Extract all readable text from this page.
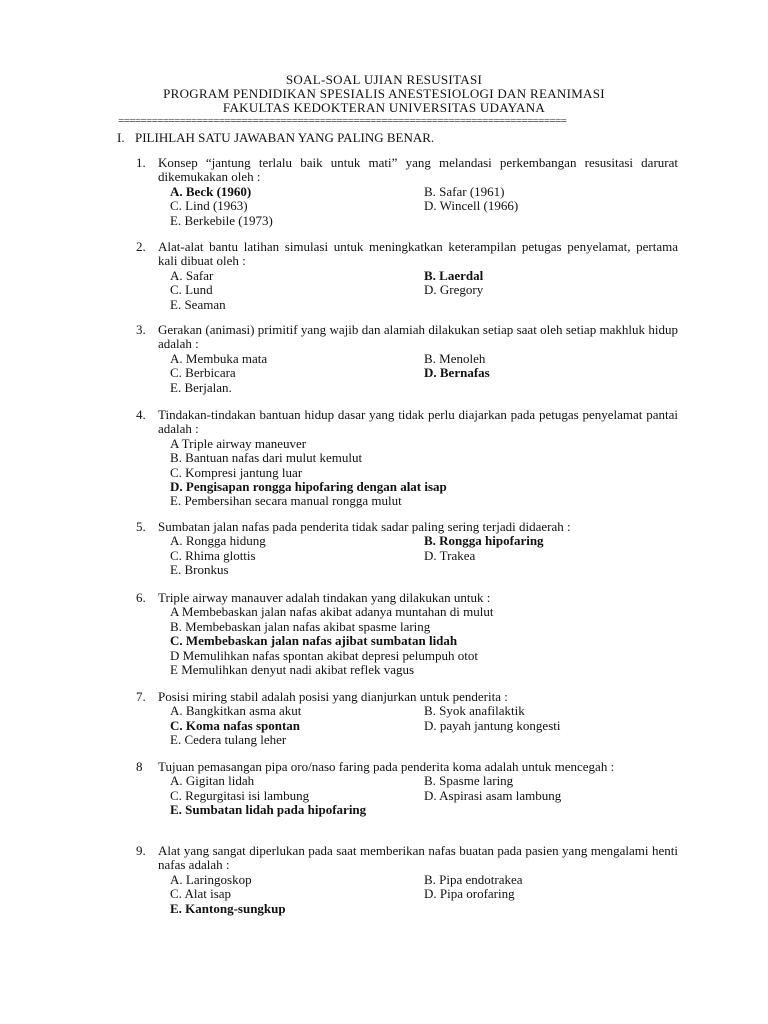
SOAL-SOAL UJIAN RESUSITASI
PROGRAM PENDIDIKAN SPESIALIS ANESTESIOLOGI DAN REANIMASI
FAKULTAS KEDOKTERAN UNIVERSITAS UDAYANA
================================================================================
I. PILIHLAH SATU JAWABAN YANG PALING BENAR.
1. Konsep “jantung terlalu baik untuk mati” yang melandasi perkembangan resusitasi darurat dikemukakan oleh :
A. Beck (1960)	B. Safar (1961)
C. Lind (1963)	D. Wincell (1966)
E. Berkebile (1973)
2. Alat-alat bantu latihan simulasi untuk meningkatkan keterampilan petugas penyelamat, pertama kali dibuat oleh :
A. Safar	B. Laerdal
C. Lund	D. Gregory
E. Seaman
3. Gerakan (animasi) primitif yang wajib dan alamiah dilakukan setiap saat oleh setiap makhluk hidup adalah :
A. Membuka mata	B. Menoleh
C. Berbicara	D. Bernafas
E. Berjalan.
4. Tindakan-tindakan bantuan hidup dasar yang tidak perlu diajarkan pada petugas penyelamat pantai adalah :
A Triple airway maneuver
B. Bantuan nafas dari mulut kemulut
C. Kompresi jantung luar
D. Pengisapan rongga hipofaring dengan alat isap
E. Pembersihan secara manual rongga mulut
5. Sumbatan jalan nafas pada penderita tidak sadar paling sering terjadi didaerah :
A. Rongga hidung	B. Rongga hipofaring
C. Rhima glottis	D. Trakea
E. Bronkus
6. Triple airway manauver adalah tindakan yang dilakukan untuk :
A Membebaskan jalan nafas akibat adanya muntahan di mulut
B. Membebaskan jalan nafas akibat spasme laring
C. Membebaskan jalan nafas ajibat sumbatan lidah
D Memulihkan nafas spontan akibat depresi pelumpuh otot
E Memulihkan denyut nadi akibat reflek vagus
7. Posisi miring stabil adalah posisi yang dianjurkan untuk penderita :
A. Bangkitkan asma akut	B. Syok anafilaktik
C. Koma nafas spontan	D. payah jantung kongesti
E. Cedera tulang leher
8	Tujuan pemasangan pipa oro/naso faring pada penderita koma adalah untuk mencegah :
A. Gigitan lidah	B. Spasme laring
C. Regurgitasi isi lambung	D. Aspirasi asam lambung
E. Sumbatan lidah pada hipofaring
9. Alat yang sangat diperlukan pada saat memberikan nafas buatan pada pasien yang mengalami henti nafas adalah :
A. Laringoskop	B. Pipa endotrakea
C. Alat isap	D. Pipa orofaring
E. Kantong-sungkup
